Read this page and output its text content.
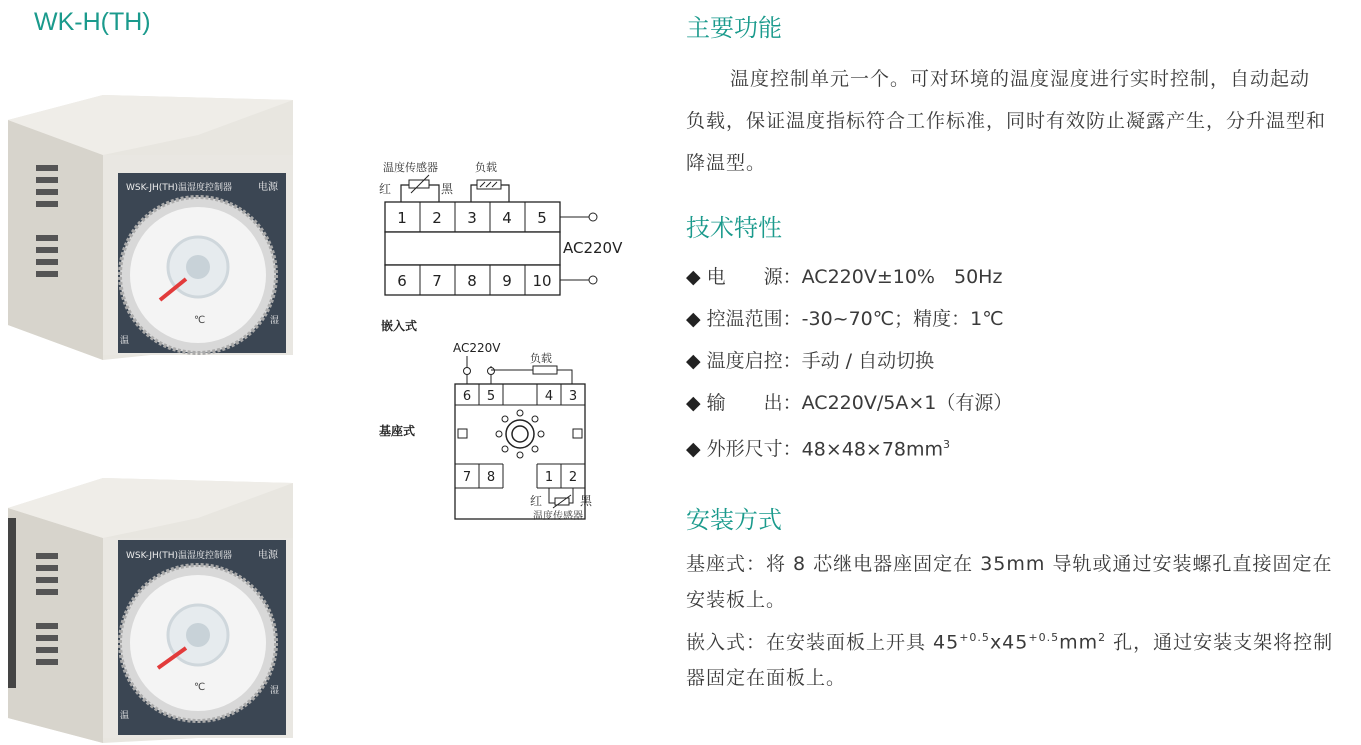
WK-H(TH)
WSK-JH(TH)温湿度控制器	电源
℃
温
湿
WSK-JH(TH)温湿度控制器	电源
℃
温
湿
温度传感器	负载
红	黑
1 2 3 4 5
6 7 8 9 10
AC220V
嵌入式
AC220V
负载
6 5	4 3
7 8	1 2
红	黑
温度传感器
基座式
主要功能
温度控制单元一个。可对环境的温度湿度进行实时控制，自动起动负载，保证温度指标符合工作标准，同时有效防止凝露产生，分升温型和降温型。
技术特性
◆ 电　　源：AC220V±10%　50Hz
◆ 控温范围：-30~70℃；精度：1℃
◆ 温度启控：手动 / 自动切换
◆ 输　　出：AC220V/5A×1（有源）
◆ 外形尺寸：$48\times 48\times 78mm^3$
安装方式
基座式：将 8 芯继电器座固定在 35mm 导轨或通过安装螺孔直接固定在安装板上。
嵌入式：在安装面板上开具 $45^{+0.5}x45^{+0.5}mm^2$ 孔，通过安装支架将控制器固定在面板上。
